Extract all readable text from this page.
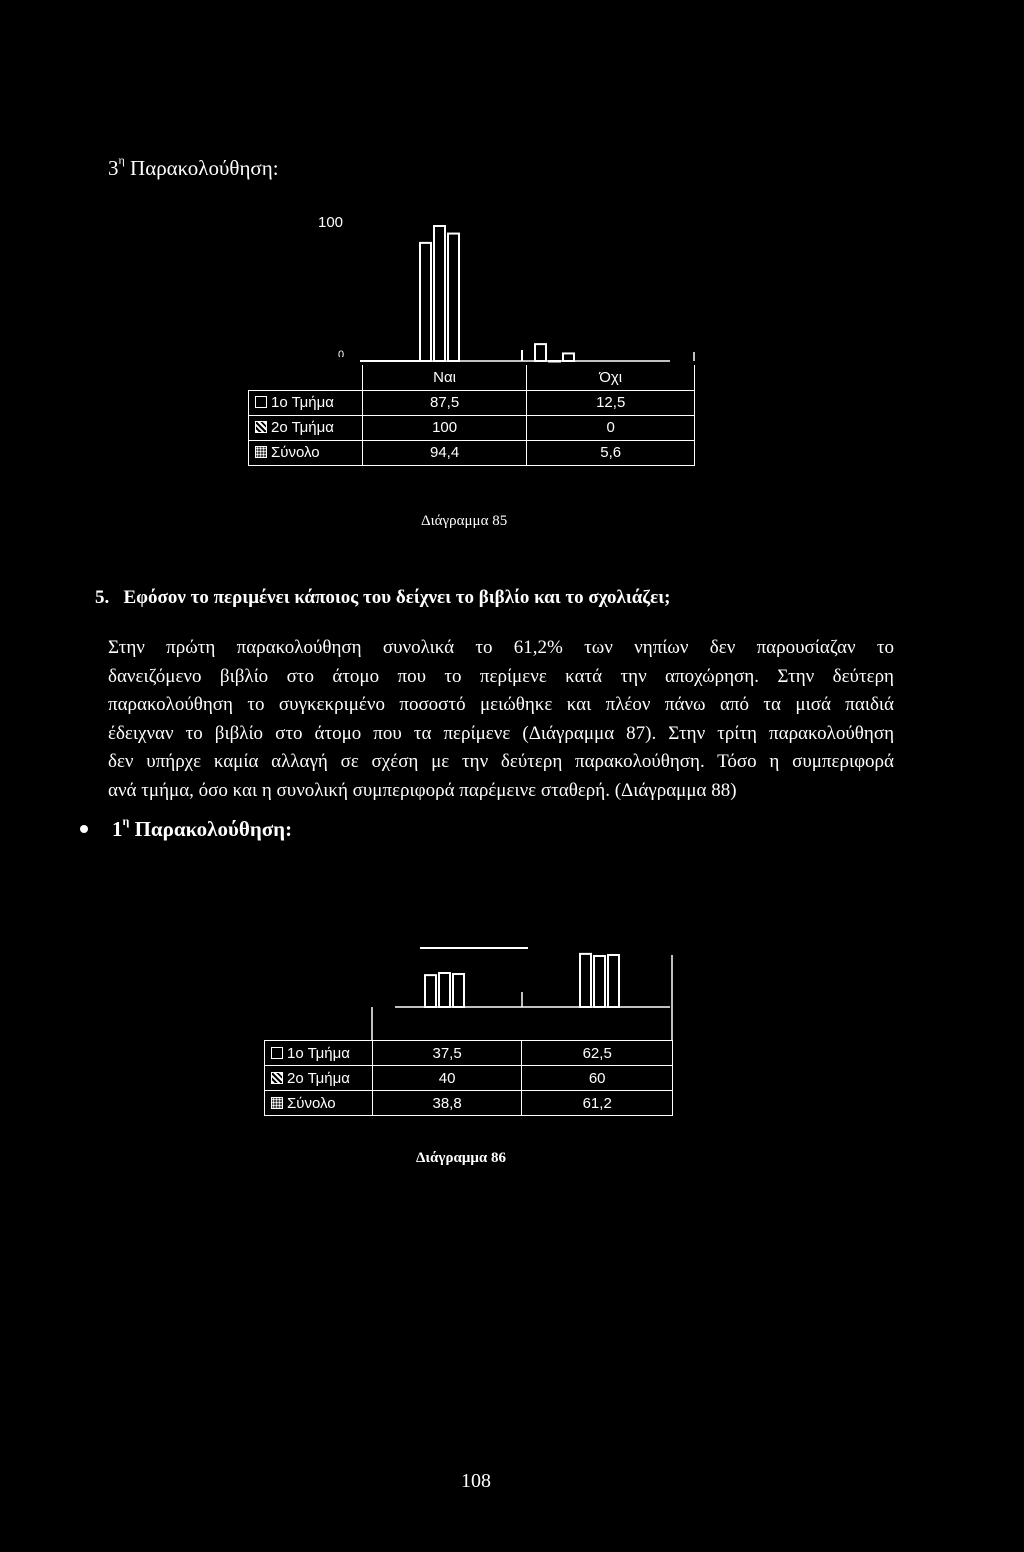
$3^\eta$ Παρακολούθηση:
100
0
	Ναι	Όχι
1ο Τμήμα	87,5	12,5
2ο Τμήμα	100	0
Σύνολο	94,4	5,6
Διάγραμμα 85
5. Εφόσον το περιμένει κάποιος του δείχνει το βιβλίο και το σχολιάζει;
Στην πρώτη παρακολούθηση συνολικά το 61,2% των νηπίων δεν παρουσίαζαν το
δανειζόμενο βιβλίο στο άτομο που το περίμενε κατά την αποχώρηση. Στην δεύτερη
παρακολούθηση το συγκεκριμένο ποσοστό μειώθηκε και πλέον πάνω από τα μισά παιδιά
έδειχναν το βιβλίο στο άτομο που τα περίμενε (Διάγραμμα 87). Στην τρίτη παρακολούθηση
δεν υπήρχε καμία αλλαγή σε σχέση με την δεύτερη παρακολούθηση. Τόσο η συμπεριφορά
ανά τμήμα, όσο και η συνολική συμπεριφορά παρέμεινε σταθερή. (Διάγραμμα 88)
$1^\eta$ Παρακολούθηση:
1ο Τμήμα	37,5	62,5
2ο Τμήμα	40	60
Σύνολο	38,8	61,2
Διάγραμμα 86
108
